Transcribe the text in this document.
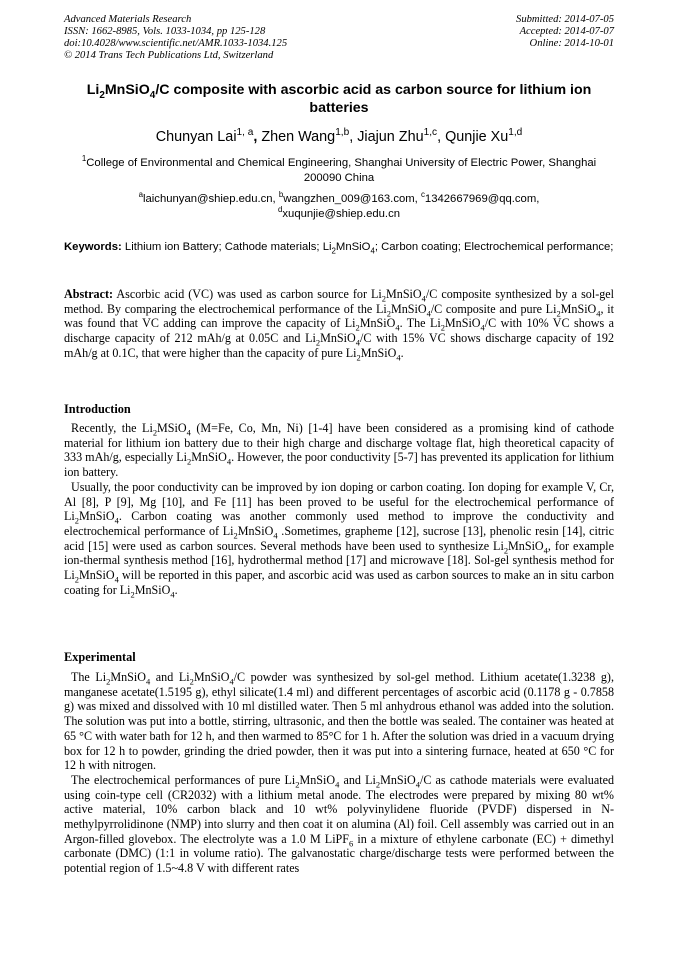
Advanced Materials Research
ISSN: 1662-8985, Vols. 1033-1034, pp 125-128
doi:10.4028/www.scientific.net/AMR.1033-1034.125
© 2014 Trans Tech Publications Ltd, Switzerland
Submitted: 2014-07-05
Accepted: 2014-07-07
Online: 2014-10-01
$Li_2MnSiO_4/C$ composite with ascorbic acid as carbon source for lithium ion batteries
Chunyan Lai$^{1, a}$, Zhen Wang$^{1,b}$, Jiajun Zhu$^{1,c}$, Qunjie Xu$^{1,d}$
$^1$College of Environmental and Chemical Engineering, Shanghai University of Electric Power, Shanghai 200090 China
$^a$laichunyan@shiep.edu.cn, $^b$wangzhen_009@163.com, $^c$1342667969@qq.com,
$^d$xuqunjie@shiep.edu.cn
Keywords: Lithium ion Battery; Cathode materials; $Li_2MnSiO_4$; Carbon coating; Electrochemical performance;
Abstract: Ascorbic acid (VC) was used as carbon source for $Li_2MnSiO_4/C$ composite synthesized by a sol-gel method. By comparing the electrochemical performance of the $Li_2MnSiO_4/C$ composite and pure $Li_2MnSiO_4$, it was found that VC adding can improve the capacity of $Li_2MnSiO_4$. The $Li_2MnSiO_4/C$ with 10% VC shows a discharge capacity of 212 mAh/g at 0.05C and $Li_2MnSiO_4/C$ with 15% VC shows discharge capacity of 192 mAh/g at 0.1C, that were higher than the capacity of pure $Li_2MnSiO_4$.
Introduction

Recently, the $Li_2MSiO_4$ (M=Fe, Co, Mn, Ni) [1-4] have been considered as a promising kind of cathode material for lithium ion battery due to their high charge and discharge voltage flat, high theoretical capacity of 333 mAh/g, especially $Li_2MnSiO_4$. However, the poor conductivity [5-7] has prevented its application for lithium ion battery.

Usually, the poor conductivity can be improved by ion doping or carbon coating. Ion doping for example V, Cr, Al [8], P [9], Mg [10], and Fe [11] has been proved to be useful for the electrochemical performance of $Li_2MnSiO_4$. Carbon coating was another commonly used method to improve the conductivity and electrochemical performance of $Li_2MnSiO_4$ .Sometimes, grapheme [12], sucrose [13], phenolic resin [14], citric acid [15] were used as carbon sources. Several methods have been used to synthesize $Li_2MnSiO_4$, for example ion-thermal synthesis method [16], hydrothermal method [17] and microwave [18]. Sol-gel synthesis method for $Li_2MnSiO_4$ will be reported in this paper, and ascorbic acid was used as carbon sources to make an in situ carbon coating for $Li_2MnSiO_4$.

Experimental

The $Li_2MnSiO_4$ and $Li_2MnSiO_4/C$ powder was synthesized by sol-gel method. Lithium acetate(1.3238 g), manganese acetate(1.5195 g), ethyl silicate(1.4 ml) and different percentages of ascorbic acid (0.1178 g - 0.7858 g) was mixed and dissolved with 10 ml distilled water. Then 5 ml anhydrous ethanol was added into the solution. The solution was put into a bottle, stirring, ultrasonic, and then the bottle was sealed. The container was heated at 65 °C with water bath for 12 h, and then warmed to 85°C for 1 h. After the solution was dried in a vacuum drying box for 12 h to powder, grinding the dried powder, then it was put into a sintering furnace, heated at 650 °C for 12 h with nitrogen.

The electrochemical performances of pure $Li_2MnSiO_4$ and $Li_2MnSiO_4/C$ as cathode materials were evaluated using coin-type cell (CR2032) with a lithium metal anode. The electrodes were prepared by mixing 80 wt% active material, 10% carbon black and 10 wt% polyvinylidene fluoride (PVDF) dispersed in N-methylpyrrolidinone (NMP) into slurry and then coat it on alumina (Al) foil. Cell assembly was carried out in an Argon-filled glovebox. The electrolyte was a 1.0 M LiPF$_6$ in a mixture of ethylene carbonate (EC) + dimethyl carbonate (DMC) (1:1 in volume ratio). The galvanostatic charge/discharge tests were performed between the potential region of 1.5~4.8 V with different rates
